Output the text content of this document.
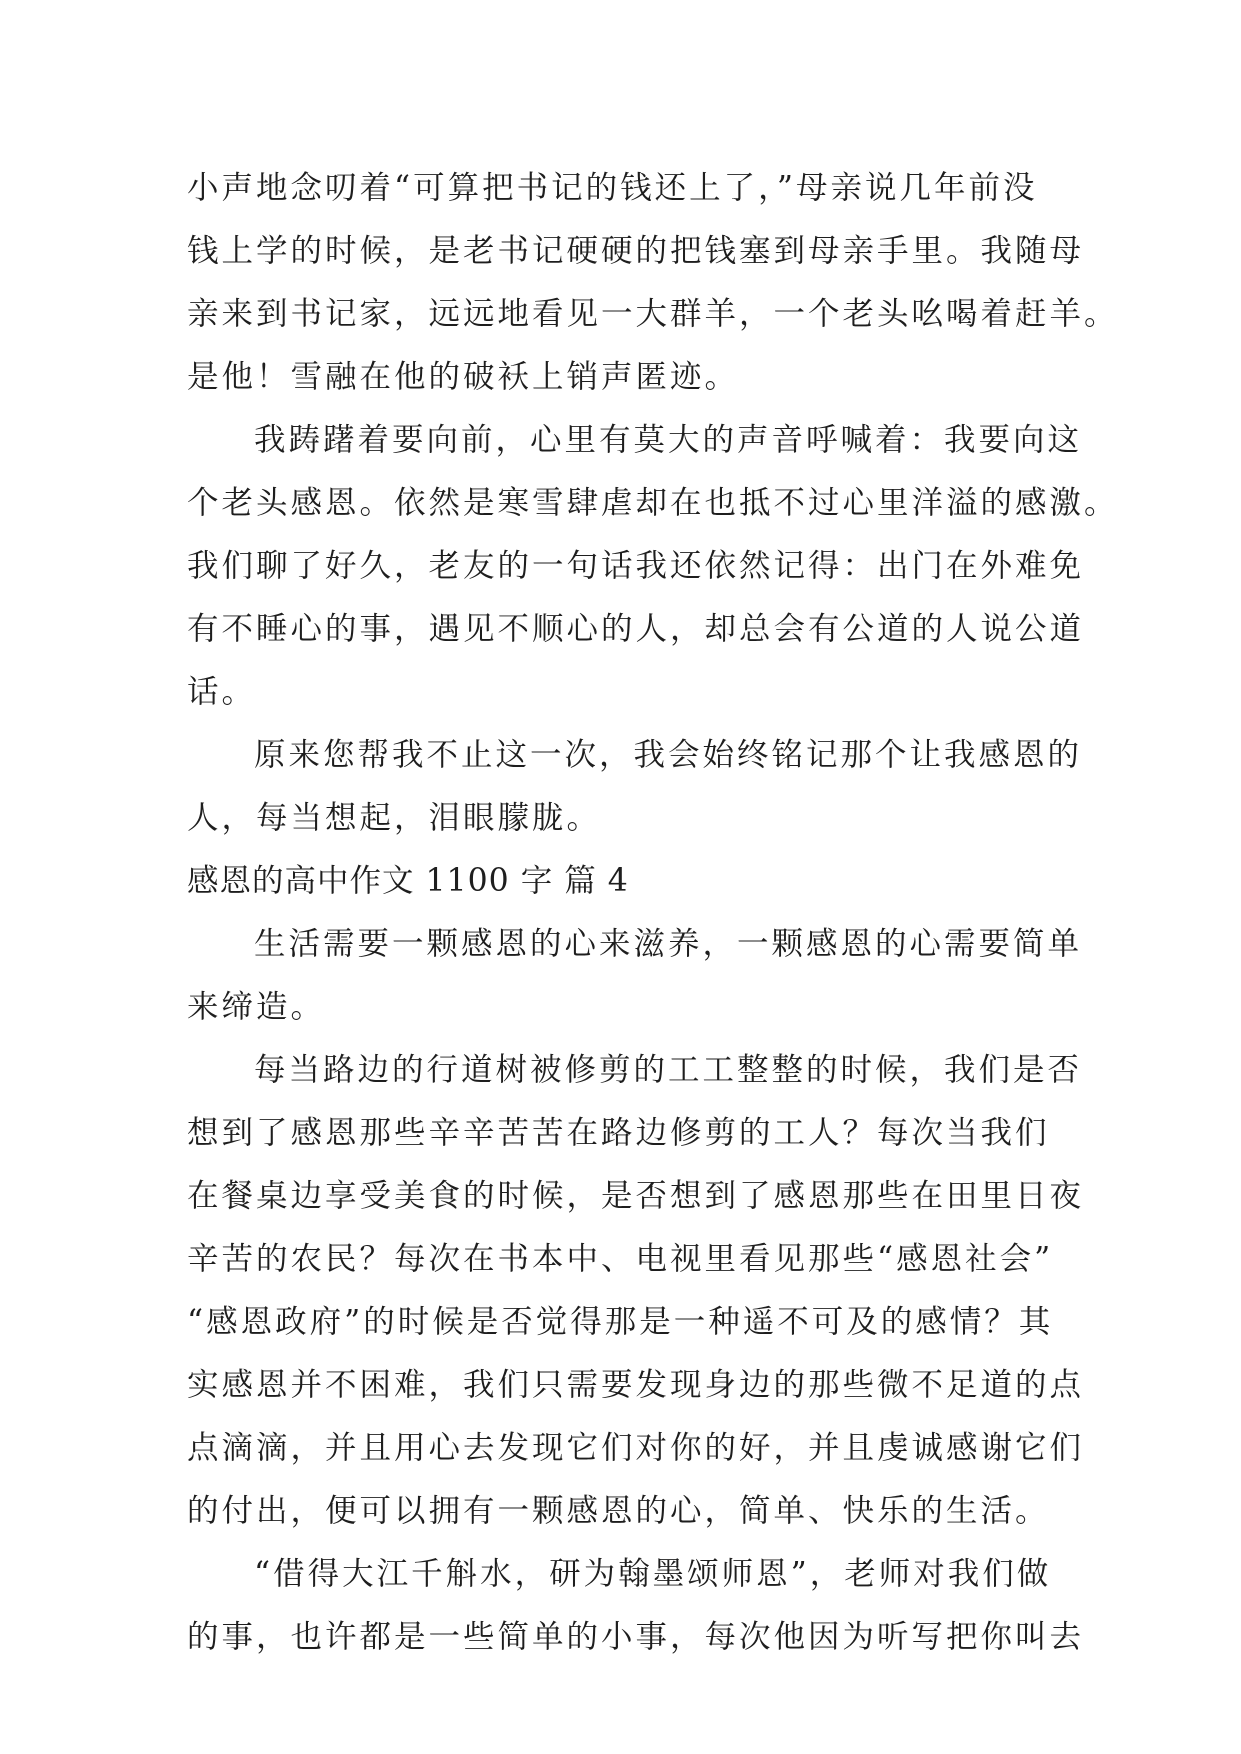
小声地念叨着“可算把书记的钱还上了，”母亲说几年前没
钱上学的时候，是老书记硬硬的把钱塞到母亲手里。我随母
亲来到书记家，远远地看见一大群羊，一个老头吆喝着赶羊。
是他！雪融在他的破袄上销声匿迹。
我踌躇着要向前，心里有莫大的声音呼喊着：我要向这
个老头感恩。依然是寒雪肆虐却在也抵不过心里洋溢的感激。
我们聊了好久，老友的一句话我还依然记得：出门在外难免
有不睡心的事，遇见不顺心的人，却总会有公道的人说公道
话。
原来您帮我不止这一次，我会始终铭记那个让我感恩的
人，每当想起，泪眼朦胧。
感恩的高中作文 1100 字 篇 4
生活需要一颗感恩的心来滋养，一颗感恩的心需要简单
来缔造。
每当路边的行道树被修剪的工工整整的时候，我们是否
想到了感恩那些辛辛苦苦在路边修剪的工人？每次当我们
在餐桌边享受美食的时候，是否想到了感恩那些在田里日夜
辛苦的农民？每次在书本中、电视里看见那些“感恩社会”
“感恩政府”的时候是否觉得那是一种遥不可及的感情？其
实感恩并不困难，我们只需要发现身边的那些微不足道的点
点滴滴，并且用心去发现它们对你的好，并且虔诚感谢它们
的付出，便可以拥有一颗感恩的心，简单、快乐的生活。
“借得大江千斛水，研为翰墨颂师恩”，老师对我们做
的事，也许都是一些简单的小事，每次他因为听写把你叫去
